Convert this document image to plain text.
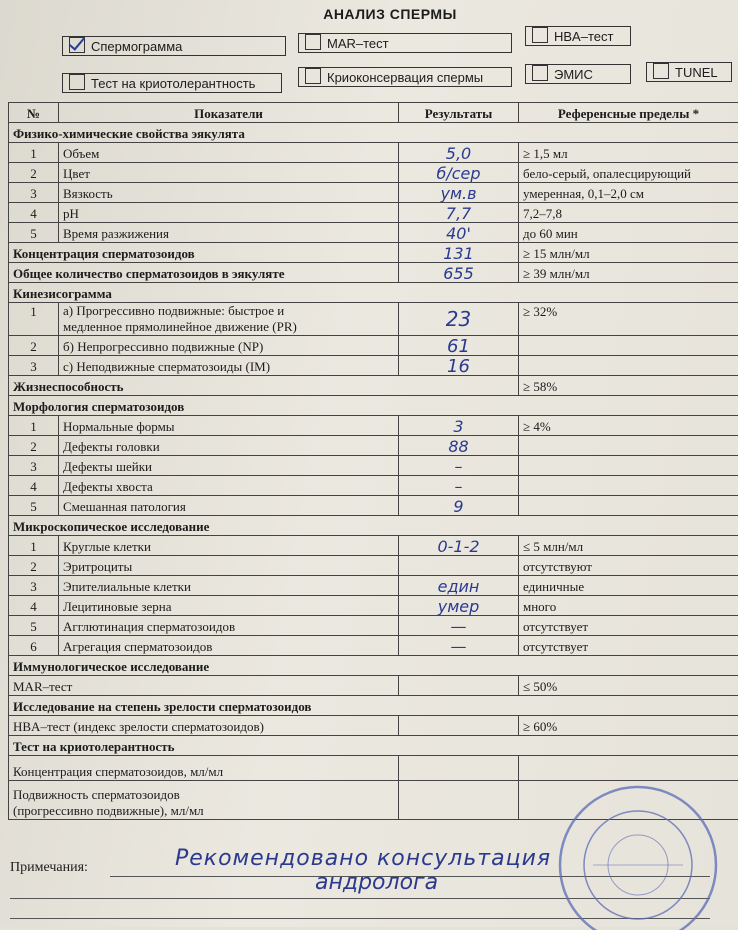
АНАЛИЗ СПЕРМЫ
Спермограмма	MAR–тест	HBA–тест
Тест на криотолерантность	Криоконсервация спермы	ЭМИС	TUNEL
№	Показатели	Результаты	Референсные пределы *
Физико-химические свойства эякулята			
1	Объем	5,0	≥ 1,5 мл
2	Цвет	б/сер	бело-серый, опалесцирующий
3	Вязкость	ум.в	умеренная, 0,1–2,0 см
4	pH	7,7	7,2–7,8
5	Время разжижения	40'	до 60 мин
Концентрация сперматозоидов		131	≥ 15 млн/мл
Общее количество сперматозоидов в эякуляте		655	≥ 39 млн/мл
Кинезисограмма			
1	а) Прогрессивно подвижные: быстрое и
медленное прямолинейное движение (PR)	23	≥ 32%
2	б) Непрогрессивно подвижные (NP)	61	
3	с) Неподвижные сперматозоиды (IM)	16	
Жизнеспособность			≥ 58%
Морфология сперматозоидов			
1	Нормальные формы	3	≥ 4%
2	Дефекты головки	88	
3	Дефекты шейки	–	
4	Дефекты хвоста	–	
5	Смешанная патология	9	
Микроскопическое исследование			
1	Круглые клетки	0-1-2	≤ 5 млн/мл
2	Эритроциты		отсутствуют
3	Эпителиальные клетки	един	единичные
4	Лецитиновые зерна	умер	много
5	Агглютинация сперматозоидов	—	отсутствует
6	Агрегация сперматозоидов	—	отсутствует
Иммунологическое исследование			
MAR–тест			≤ 50%
Исследование на степень зрелости сперматозоидов			
HBA–тест (индекс зрелости сперматозоидов)			≥ 60%
Тест на криотолерантность			
Концентрация сперматозоидов, мл/мл			
Подвижность сперматозоидов
(прогрессивно подвижные), мл/мл			
Примечания:	Рекомендовано консультация
андролога
